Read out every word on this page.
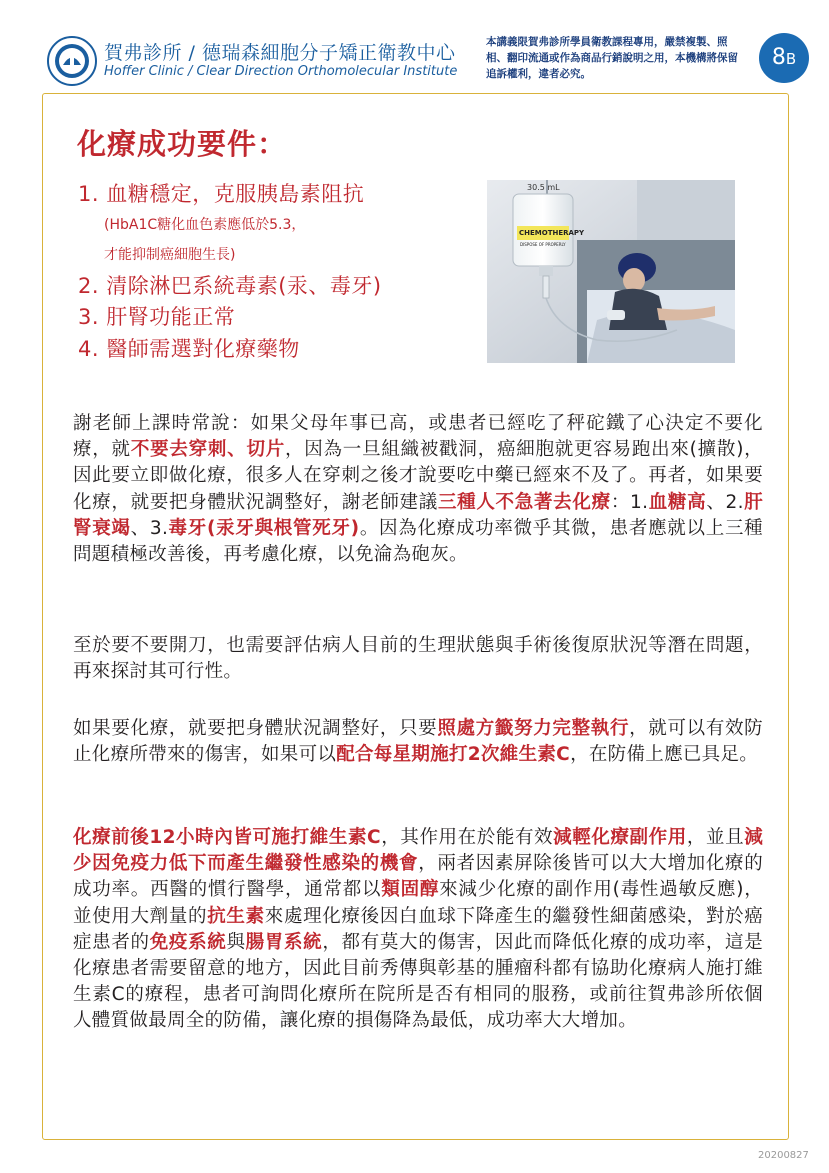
賀弗診所 / 德瑞森細胞分子矯正衛教中心
Hoffer Clinic / Clear Direction Orthomolecular Institute
本講義限賀弗診所學員衛教課程專用，嚴禁複製、照相、翻印流通或作為商品行銷說明之用，本機構將保留追訴權利，違者必究。
8B
化療成功要件：
1. 血糖穩定，克服胰島素阻抗
(HbA1C糖化血色素應低於5.3，
才能抑制癌細胞生長)
2. 清除淋巴系統毒素(汞、毒牙)
3. 肝腎功能正常
4. 醫師需選對化療藥物
30.5 mL
CHEMOTHERAPY
DISPOSE OF PROPERLY
謝老師上課時常說：如果父母年事已高，或患者已經吃了秤砣鐵了心決定不要化療，就不要去穿刺、切片，因為一旦組織被戳洞，癌細胞就更容易跑出來(擴散)，因此要立即做化療，很多人在穿刺之後才說要吃中藥已經來不及了。再者，如果要化療，就要把身體狀況調整好，謝老師建議三種人不急著去化療：1.血糖高、2.肝腎衰竭、3.毒牙(汞牙與根管死牙)。因為化療成功率微乎其微，患者應就以上三種問題積極改善後，再考慮化療，以免淪為砲灰。
至於要不要開刀，也需要評估病人目前的生理狀態與手術後復原狀況等潛在問題，再來探討其可行性。
如果要化療，就要把身體狀況調整好，只要照處方籤努力完整執行，就可以有效防止化療所帶來的傷害，如果可以配合每星期施打2次維生素C，在防備上應已具足。
化療前後12小時內皆可施打維生素C，其作用在於能有效減輕化療副作用，並且減少因免疫力低下而產生繼發性感染的機會，兩者因素屏除後皆可以大大增加化療的成功率。西醫的慣行醫學，通常都以類固醇來減少化療的副作用(毒性過敏反應)，並使用大劑量的抗生素來處理化療後因白血球下降產生的繼發性細菌感染，對於癌症患者的免疫系統與腸胃系統，都有莫大的傷害，因此而降低化療的成功率，這是化療患者需要留意的地方，因此目前秀傳與彰基的腫瘤科都有協助化療病人施打維生素C的療程，患者可詢問化療所在院所是否有相同的服務，或前往賀弗診所依個人體質做最周全的防備，讓化療的損傷降為最低，成功率大大增加。
20200827
